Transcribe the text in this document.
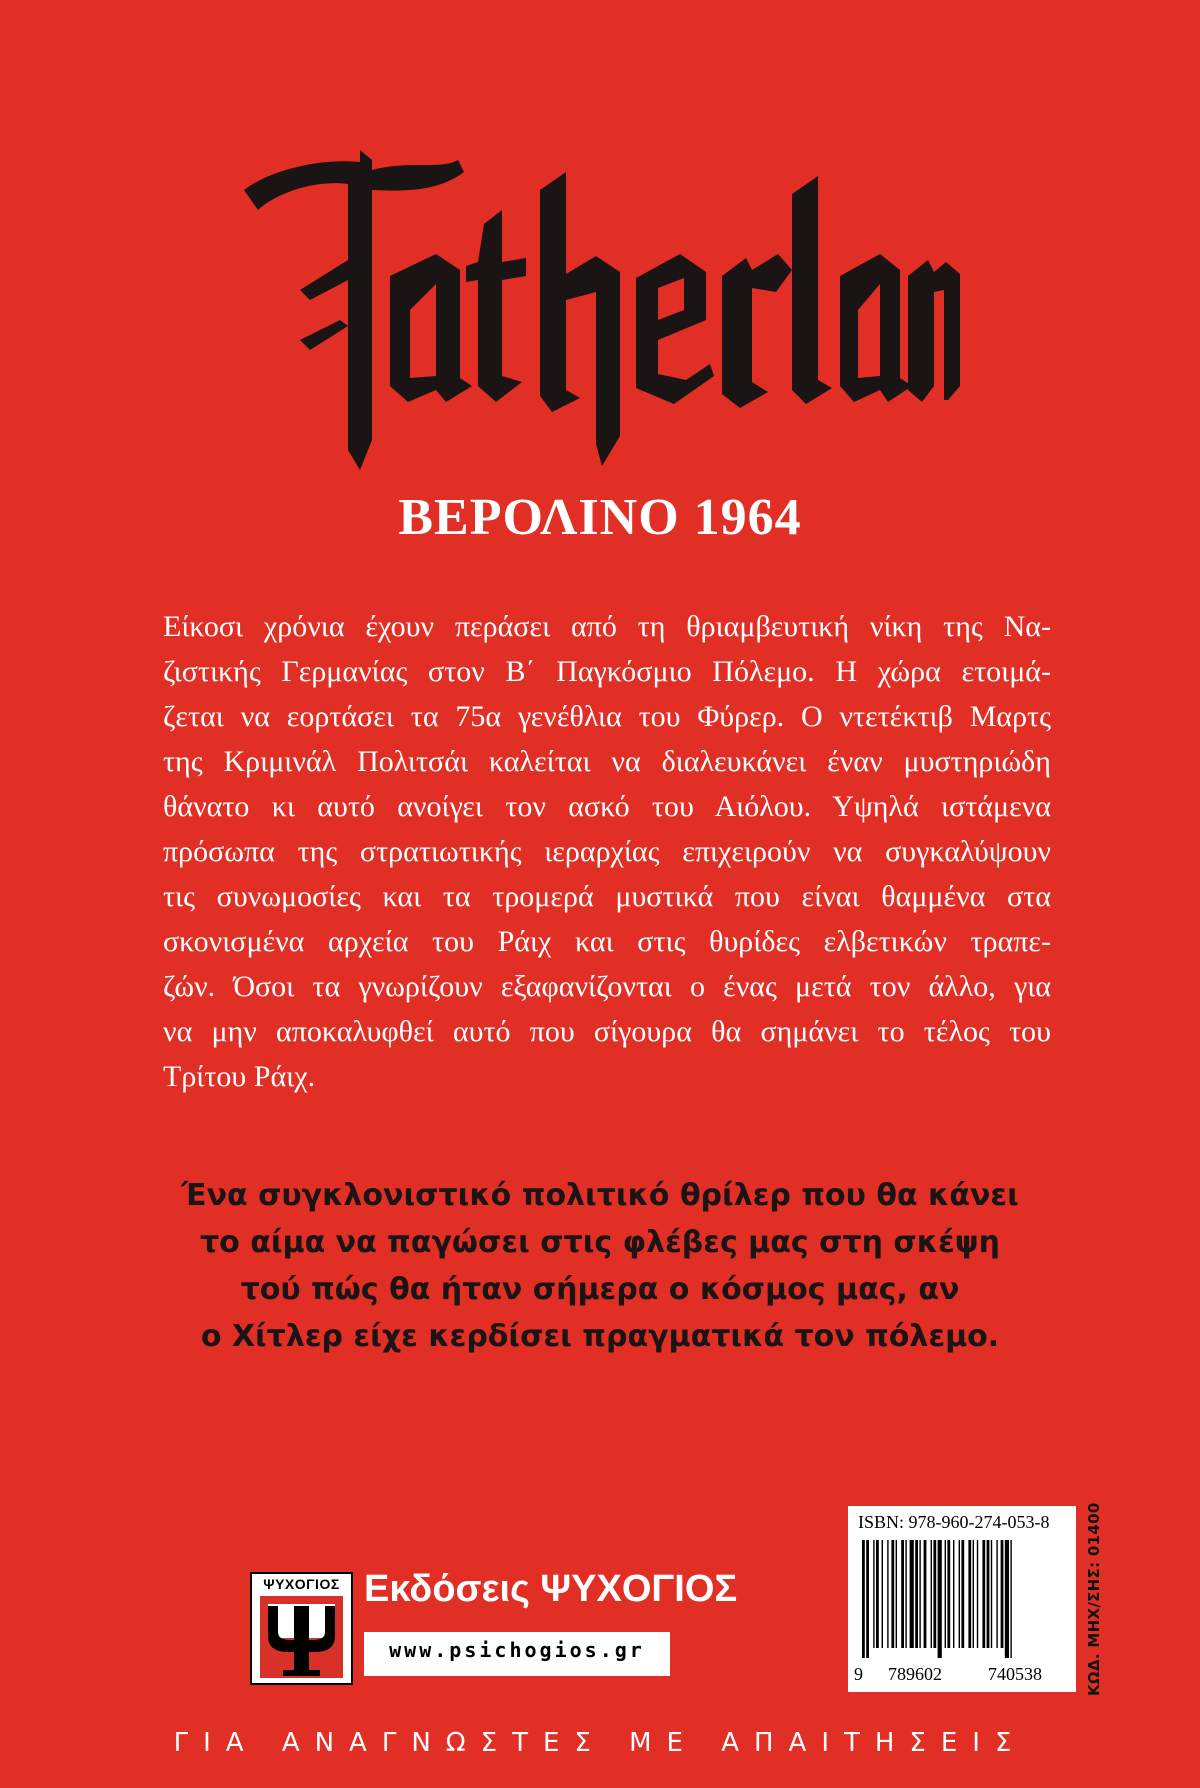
ΒΕΡΟΛΙΝΟ 1964
Είκοσι χρόνια έχουν περάσει από τη θριαμβευτική νίκη της Να-
ζιστικής Γερμανίας στον Β΄ Παγκόσμιο Πόλεμο. Η χώρα ετοιμά-
ζεται να εορτάσει τα 75α γενέθλια του Φύρερ. Ο ντετέκτιβ Μαρτς
της Κριμινάλ Πολιτσάι καλείται να διαλευκάνει έναν μυστηριώδη
θάνατο κι αυτό ανοίγει τον ασκό του Αιόλου. Υψηλά ιστάμενα
πρόσωπα της στρατιωτικής ιεραρχίας επιχειρούν να συγκαλύψουν
τις συνωμοσίες και τα τρομερά μυστικά που είναι θαμμένα στα
σκονισμένα αρχεία του Ράιχ και στις θυρίδες ελβετικών τραπε-
ζών. Όσοι τα γνωρίζουν εξαφανίζονται ο ένας μετά τον άλλο, για
να μην αποκαλυφθεί αυτό που σίγουρα θα σημάνει το τέλος του
Τρίτου Ράιχ.
Ένα συγκλονιστικό πολιτικό θρίλερ που θα κάνει
το αίμα να παγώσει στις φλέβες μας στη σκέψη
τού πώς θα ήταν σήμερα ο κόσμος μας, αν
ο Χίτλερ είχε κερδίσει πραγματικά τον πόλεμο.
ΨΥΧΟΓΙΟΣ Εκδόσεις ΨΥΧΟΓΙΟΣ
www.psichogios.gr
ISBN: 978-960-274-053-8
9 789602	740538	ΚΩΔ. ΜΗΧ/ΣΗΣ: 01400

ΓΙΑ ΑΝΑΓΝΩΣΤΕΣ ΜΕ ΑΠΑΙΤΗΣΕΙΣ
